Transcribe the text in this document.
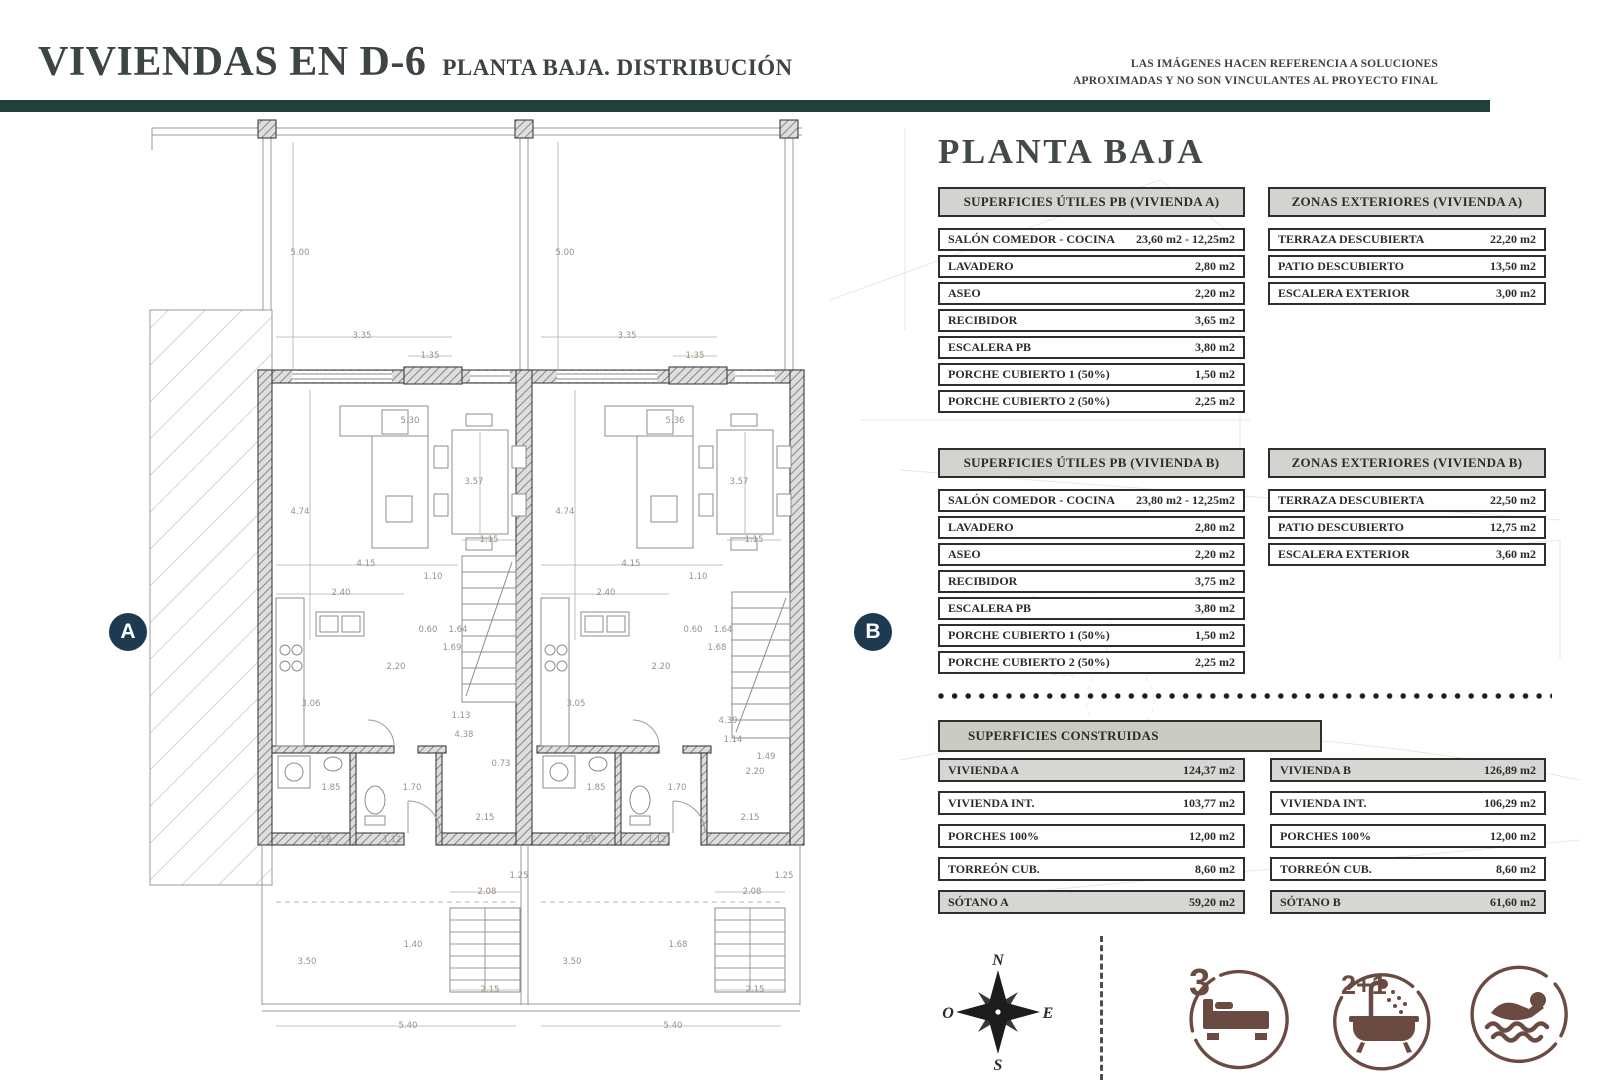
5.00
3.35
1.35
5.30
4.74
3.57
1.15
4.15
1.10
2.40
0.60 1.64
1.69
2.20
3.06
1.13
4.38
0.73
1.85	1.70
2.15
1.59	1.12
1.25
2.08
1.40
3.50
2.15
5.40
5.00
3.35
1.35
5.36
4.74
3.57
1.15
4.15
1.10
2.40
0.60 1.64
1.68
2.20
3.05
4.39
1.14
1.49
2.20
1.85	1.70
2.15
1.59	1.12
1.25
2.08
1.68
3.50
2.15
5.40
A	B
VIVIENDAS EN D-6 PLANTA BAJA. DISTRIBUCIÓN	LAS IMÁGENES HACEN REFERENCIA A SOLUCIONES
APROXIMADAS Y NO SON VINCULANTES AL PROYECTO FINAL
PLANTA BAJA
SUPERFICIES ÚTILES PB (VIVIENDA A)
SALÓN COMEDOR - COCINA 23,60 m2 - 12,25m2
LAVADERO	2,80 m2
ASEO	2,20 m2
RECIBIDOR	3,65 m2
ESCALERA PB	3,80 m2
PORCHE CUBIERTO 1 (50%)	1,50 m2
PORCHE CUBIERTO 2 (50%)	2,25 m2
ZONAS EXTERIORES (VIVIENDA A)
TERRAZA DESCUBIERTA	22,20 m2
PATIO DESCUBIERTO	13,50 m2
ESCALERA EXTERIOR	3,00 m2
SUPERFICIES ÚTILES PB (VIVIENDA B)
SALÓN COMEDOR - COCINA 23,80 m2 - 12,25m2
LAVADERO	2,80 m2
ASEO	2,20 m2
RECIBIDOR	3,75 m2
ESCALERA PB	3,80 m2
PORCHE CUBIERTO 1 (50%)	1,50 m2
PORCHE CUBIERTO 2 (50%)	2,25 m2
ZONAS EXTERIORES (VIVIENDA B)
TERRAZA DESCUBIERTA	22,50 m2
PATIO DESCUBIERTO	12,75 m2
ESCALERA EXTERIOR	3,60 m2
SUPERFICIES CONSTRUIDAS
VIVIENDA A	124,37 m2
VIVIENDA INT.	103,77 m2
PORCHES 100%	12,00 m2
TORREÓN CUB.	8,60 m2
SÓTANO A	59,20 m2
VIVIENDA B	126,89 m2
VIVIENDA INT.	106,29 m2
PORCHES 100%	12,00 m2
TORREÓN CUB.	8,60 m2
SÓTANO B	61,60 m2
N
E
S
O
3	2+1
